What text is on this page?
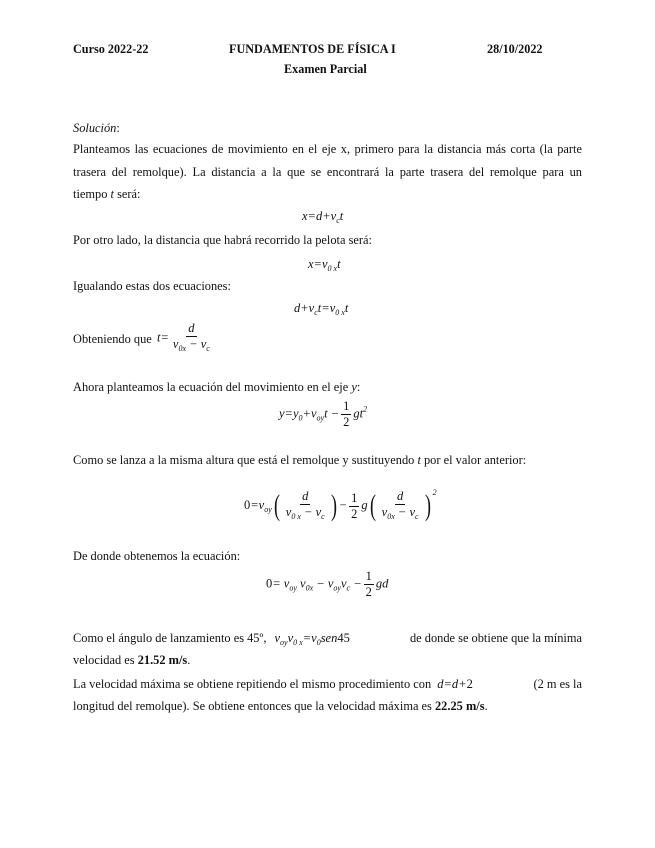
Curso 2022-22	FUNDAMENTOS DE FÍSICA I	28/10/2022
Examen Parcial
Solución:
Planteamos las ecuaciones de movimiento en el eje x, primero para la distancia más corta (la parte
trasera del remolque). La distancia a la que se encontrará la parte trasera del remolque para un
tiempo t será:
$x=d+v_ct$
Por otro lado, la distancia que habrá recorrido la pelota será:
$x=v_{0 x}t$
Igualando estas dos ecuaciones:
$d+v_ct=v_{0 x}t$
Obteniendo que $t= \frac{d}{v_{0x} - v_c}$
Ahora planteamos la ecuación del movimiento en el eje y:
$y=y_0+v_{oy}t - \frac{1}{2} gt^2$
Como se lanza a la misma altura que está el remolque y sustituyendo t por el valor anterior:
$0=v_{oy}( \frac{d}{v_{0 x} - v_c}$ ) − $\frac{1}{2} g( \frac{d}{v_{0x} - v_c}$ ) $^2$
De donde obtenemos la ecuación:
$0= v_{oy}$ $v_{0x} - v_{oy}v_c - \frac{1}{2}$ gd
Como el ángulo de lanzamiento es 45º, $v_{oy}v_{0 x}=v_0sen45$	de donde se obtiene que la mínima
velocidad es 21.52 m/s.
La velocidad máxima se obtiene repitiendo el mismo procedimiento con d=d+2	(2 m es la
longitud del remolque). Se obtiene entonces que la velocidad máxima es 22.25 m/s.
